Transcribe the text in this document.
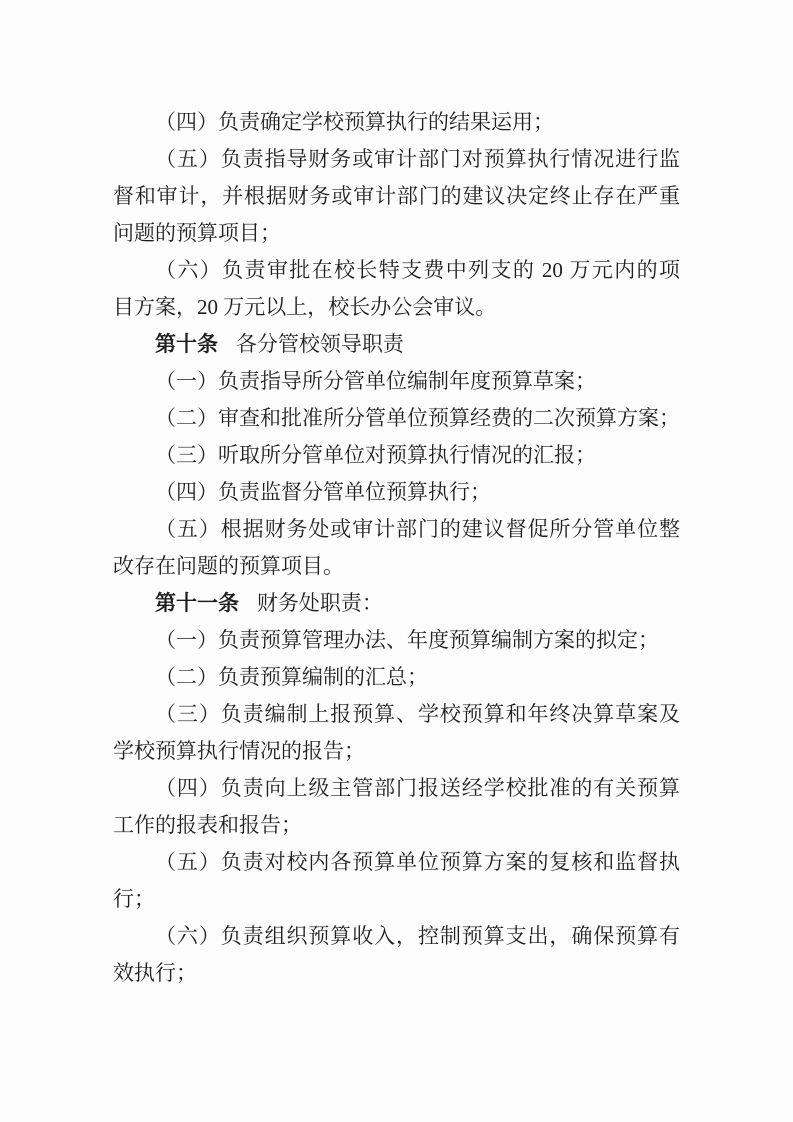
（四）负责确定学校预算执行的结果运用；
（五）负责指导财务或审计部门对预算执行情况进行监
督和审计，并根据财务或审计部门的建议决定终止存在严重
问题的预算项目；
（六）负责审批在校长特支费中列支的 20 万元内的项
目方案，20 万元以上，校长办公会审议。
第十条 各分管校领导职责
（一）负责指导所分管单位编制年度预算草案；
（二）审查和批准所分管单位预算经费的二次预算方案；
（三）听取所分管单位对预算执行情况的汇报；
（四）负责监督分管单位预算执行；
（五）根据财务处或审计部门的建议督促所分管单位整
改存在问题的预算项目。
第十一条 财务处职责：
（一）负责预算管理办法、年度预算编制方案的拟定；
（二）负责预算编制的汇总；
（三）负责编制上报预算、学校预算和年终决算草案及
学校预算执行情况的报告；
（四）负责向上级主管部门报送经学校批准的有关预算
工作的报表和报告；
（五）负责对校内各预算单位预算方案的复核和监督执
行；
（六）负责组织预算收入，控制预算支出，确保预算有
效执行；
